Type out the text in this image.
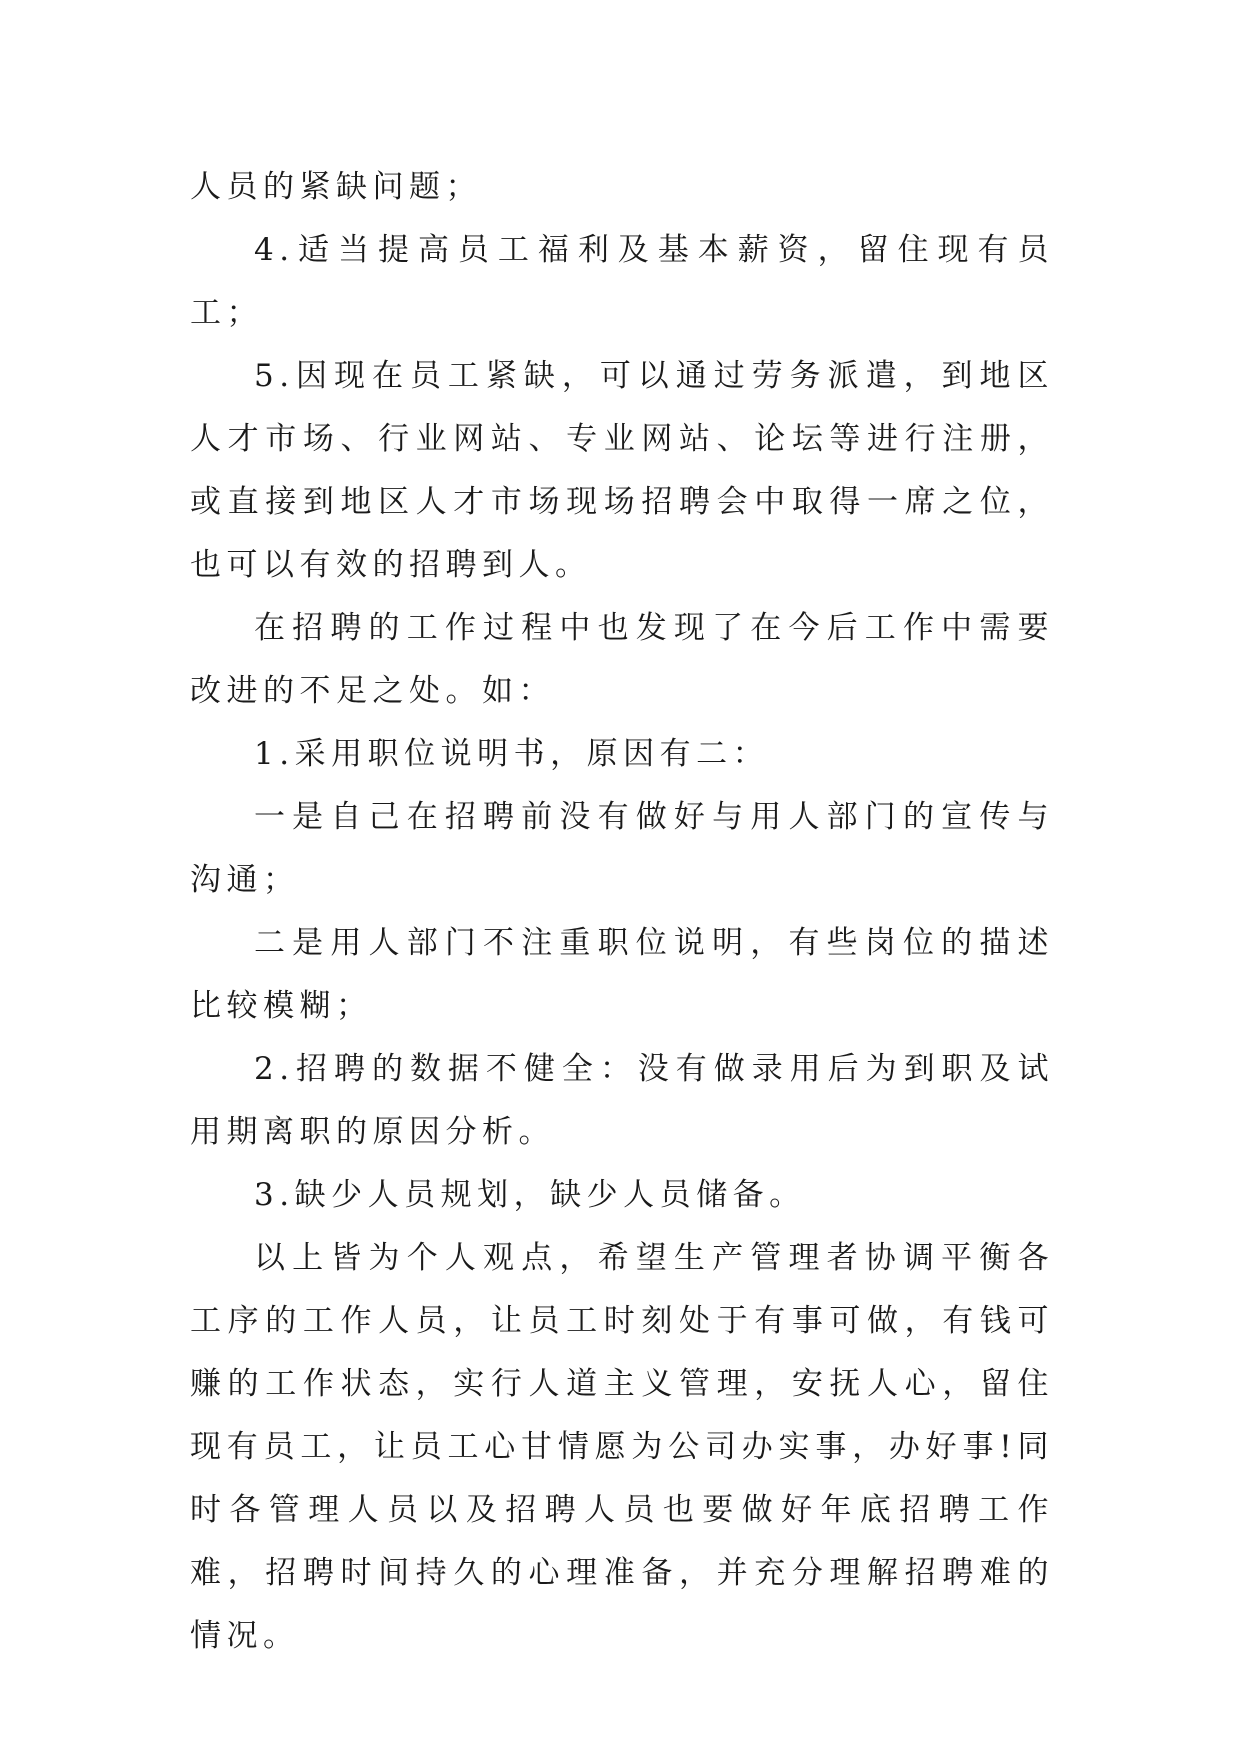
人员的紧缺问题；

4.适当提高员工福利及基本薪资，留住现有员工；

5.因现在员工紧缺，可以通过劳务派遣，到地区人才市场、行业网站、专业网站、论坛等进行注册，或直接到地区人才市场现场招聘会中取得一席之位，也可以有效的招聘到人。

在招聘的工作过程中也发现了在今后工作中需要改进的不足之处。如：

1.采用职位说明书，原因有二：

一是自己在招聘前没有做好与用人部门的宣传与沟通；

二是用人部门不注重职位说明，有些岗位的描述比较模糊；

2.招聘的数据不健全：没有做录用后为到职及试用期离职的原因分析。

3.缺少人员规划，缺少人员储备。

以上皆为个人观点，希望生产管理者协调平衡各工序的工作人员，让员工时刻处于有事可做，有钱可赚的工作状态，实行人道主义管理，安抚人心，留住现有员工，让员工心甘情愿为公司办实事，办好事!同时各管理人员以及招聘人员也要做好年底招聘工作难，招聘时间持久的心理准备，并充分理解招聘难的情况。
